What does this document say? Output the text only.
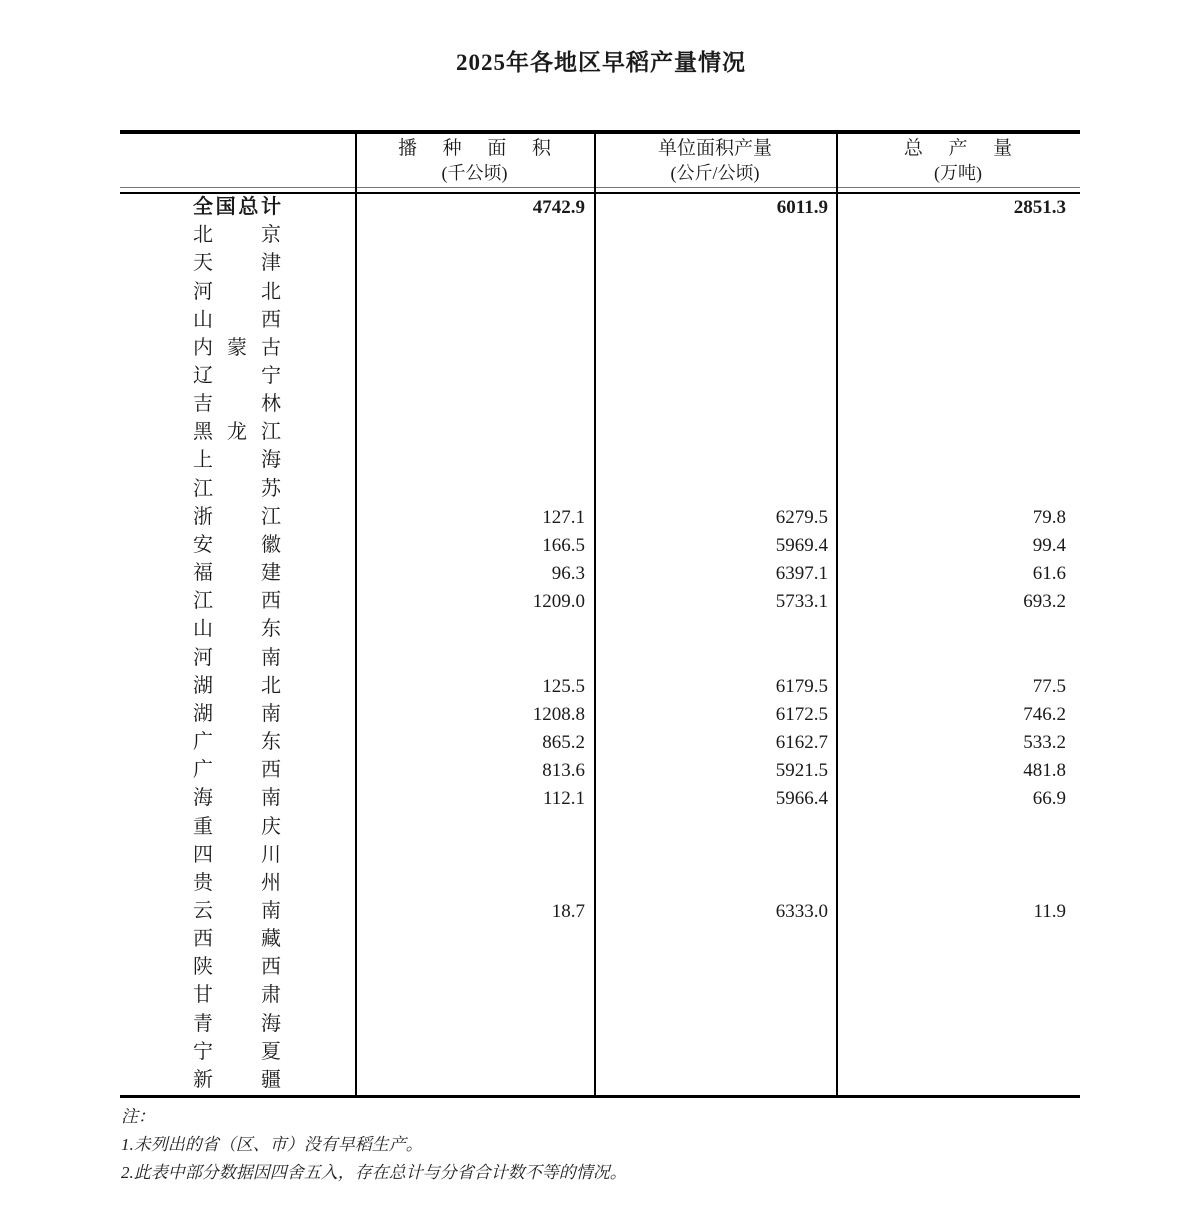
2025年各地区早稻产量情况
播 种 面 积
(千公顷)
单位面积产量
(公斤/公顷)
总 产 量
(万吨)
全国总计	4742.9	6011.9	2851.3
北京
天津
河北
山西
内蒙古
辽宁
吉林
黑龙江
上海
江苏
浙江	127.1	6279.5	79.8
安徽	166.5	5969.4	99.4
福建	96.3	6397.1	61.6
江西	1209.0	5733.1	693.2
山东
河南
湖北	125.5	6179.5	77.5
湖南	1208.8	6172.5	746.2
广东	865.2	6162.7	533.2
广西	813.6	5921.5	481.8
海南	112.1	5966.4	66.9
重庆
四川
贵州
云南	18.7	6333.0	11.9
西藏
陕西
甘肃
青海
宁夏
新疆
注：
1.未列出的省（区、市）没有早稻生产。
2.此表中部分数据因四舍五入，存在总计与分省合计数不等的情况。
